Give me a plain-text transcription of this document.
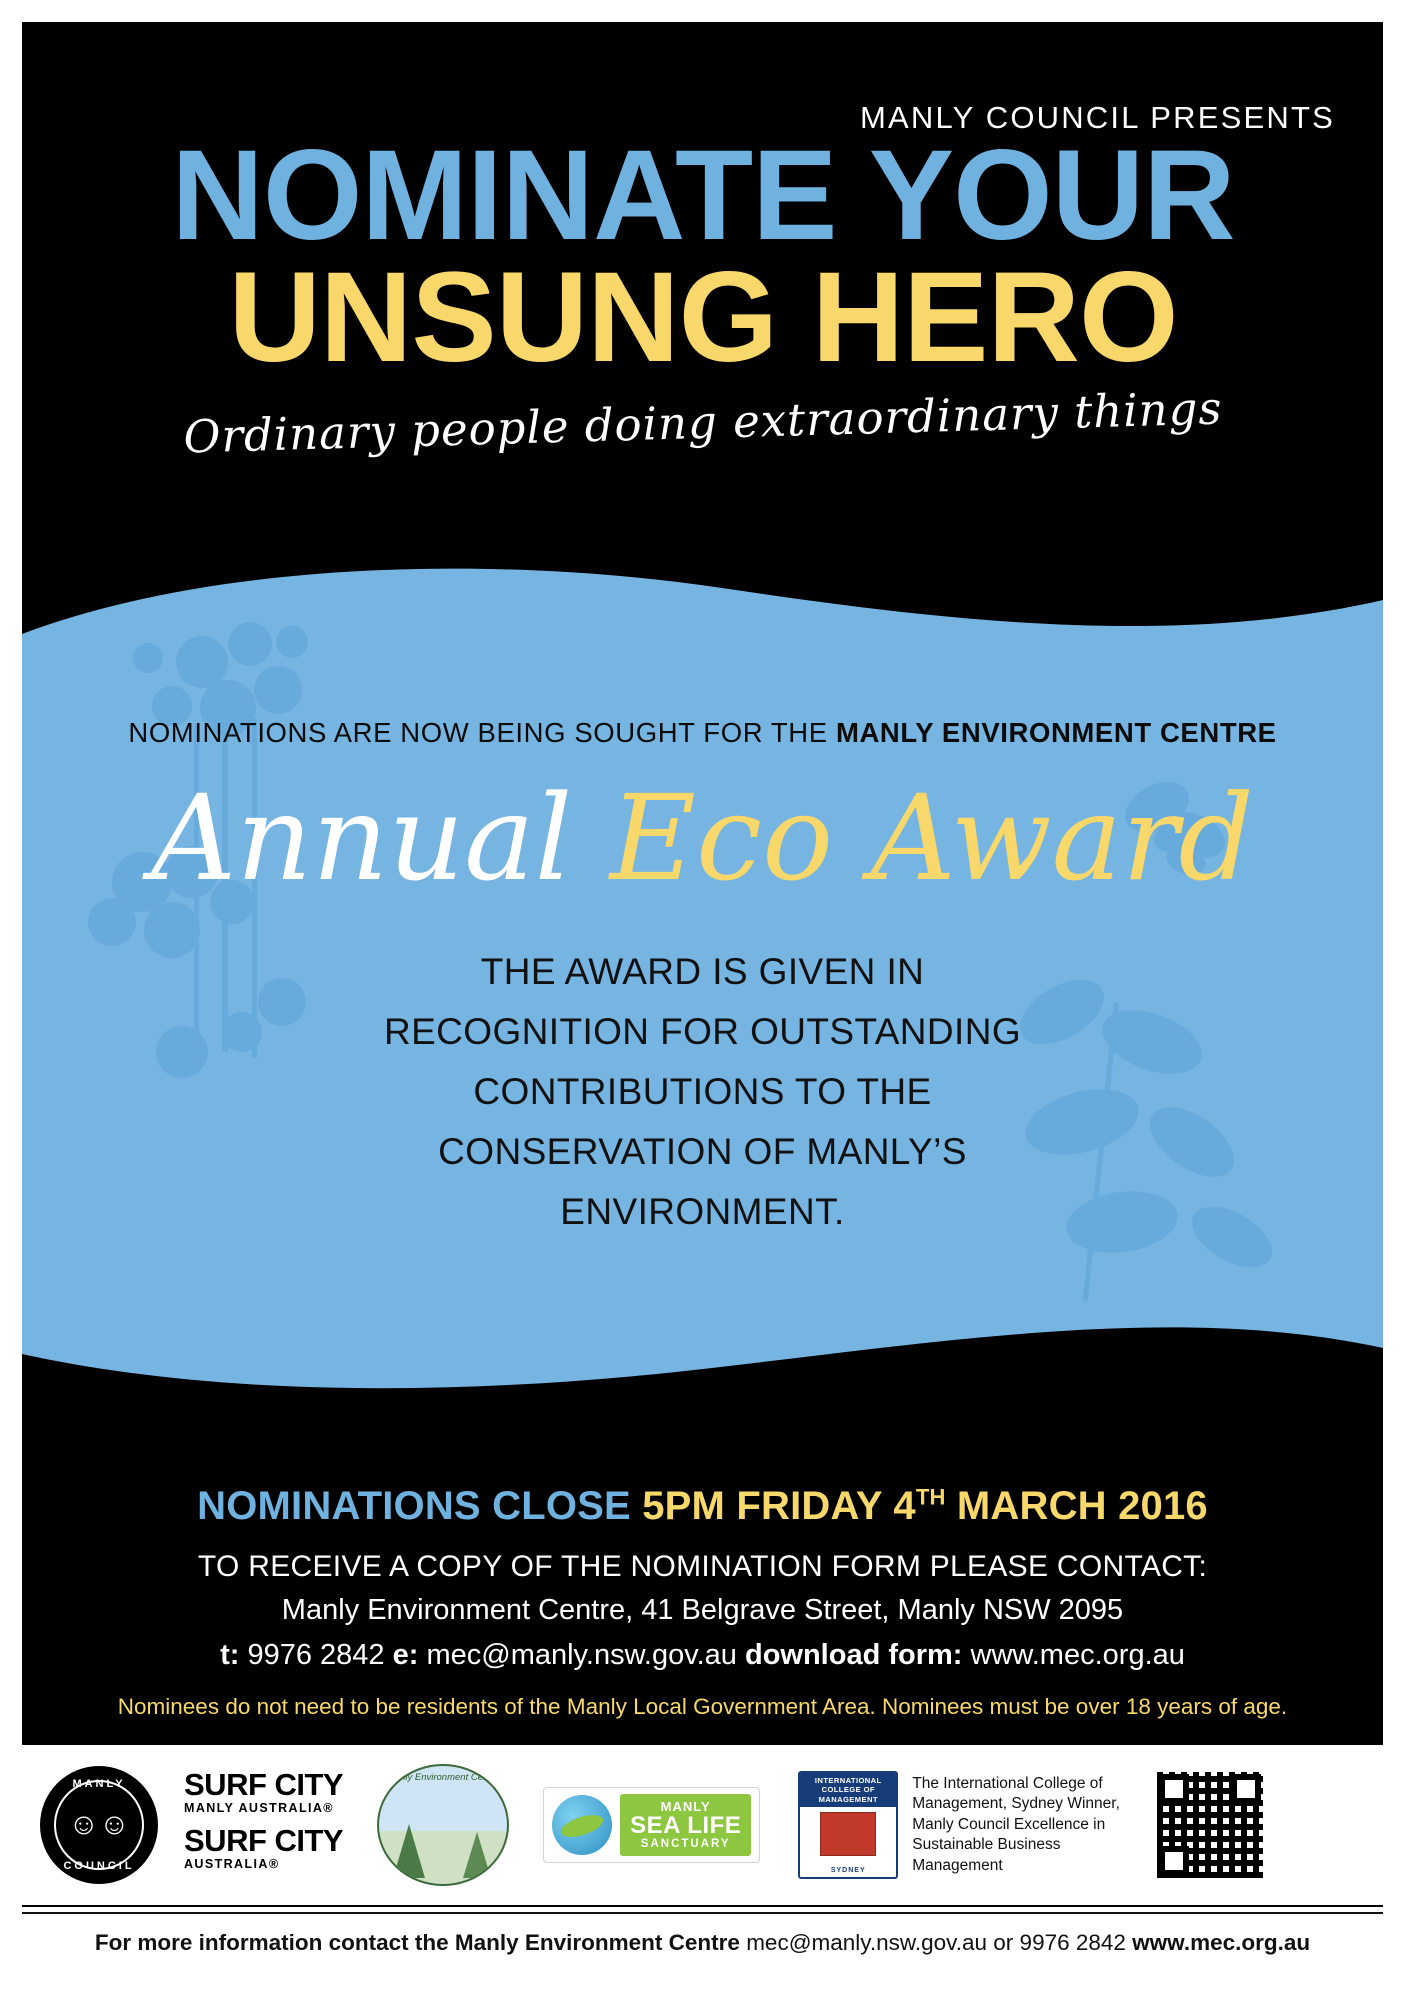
MANLY COUNCIL PRESENTS
NOMINATE YOUR
UNSUNG HERO
Ordinary people doing extraordinary things
NOMINATIONS ARE NOW BEING SOUGHT FOR THE MANLY ENVIRONMENT CENTRE
Annual Eco Award
THE AWARD IS GIVEN IN
RECOGNITION FOR OUTSTANDING
CONTRIBUTIONS TO THE
CONSERVATION OF MANLY’S
ENVIRONMENT.
NOMINATIONS CLOSE 5PM FRIDAY 4TH MARCH 2016
TO RECEIVE A COPY OF THE NOMINATION FORM PLEASE CONTACT:
Manly Environment Centre, 41 Belgrave Street, Manly NSW 2095
t: 9976 2842 e: mec@manly.nsw.gov.au download form: www.mec.org.au
Nominees do not need to be residents of the Manly Local Government Area. Nominees must be over 18 years of age.
MANLY
☺☺
COUNCIL
SURF CITY
MANLY AUSTRALIA®
SURF CITY
AUSTRALIA®
Manly Environment Centre
MANLY
SEA LIFE
SANCTUARY
INTERNATIONAL COLLEGE OF MANAGEMENT
SYDNEY
The International College of Management, Sydney Winner, Manly Council Excellence in Sustainable Business Management
For more information contact the Manly Environment Centre mec@manly.nsw.gov.au or 9976 2842 www.mec.org.au
